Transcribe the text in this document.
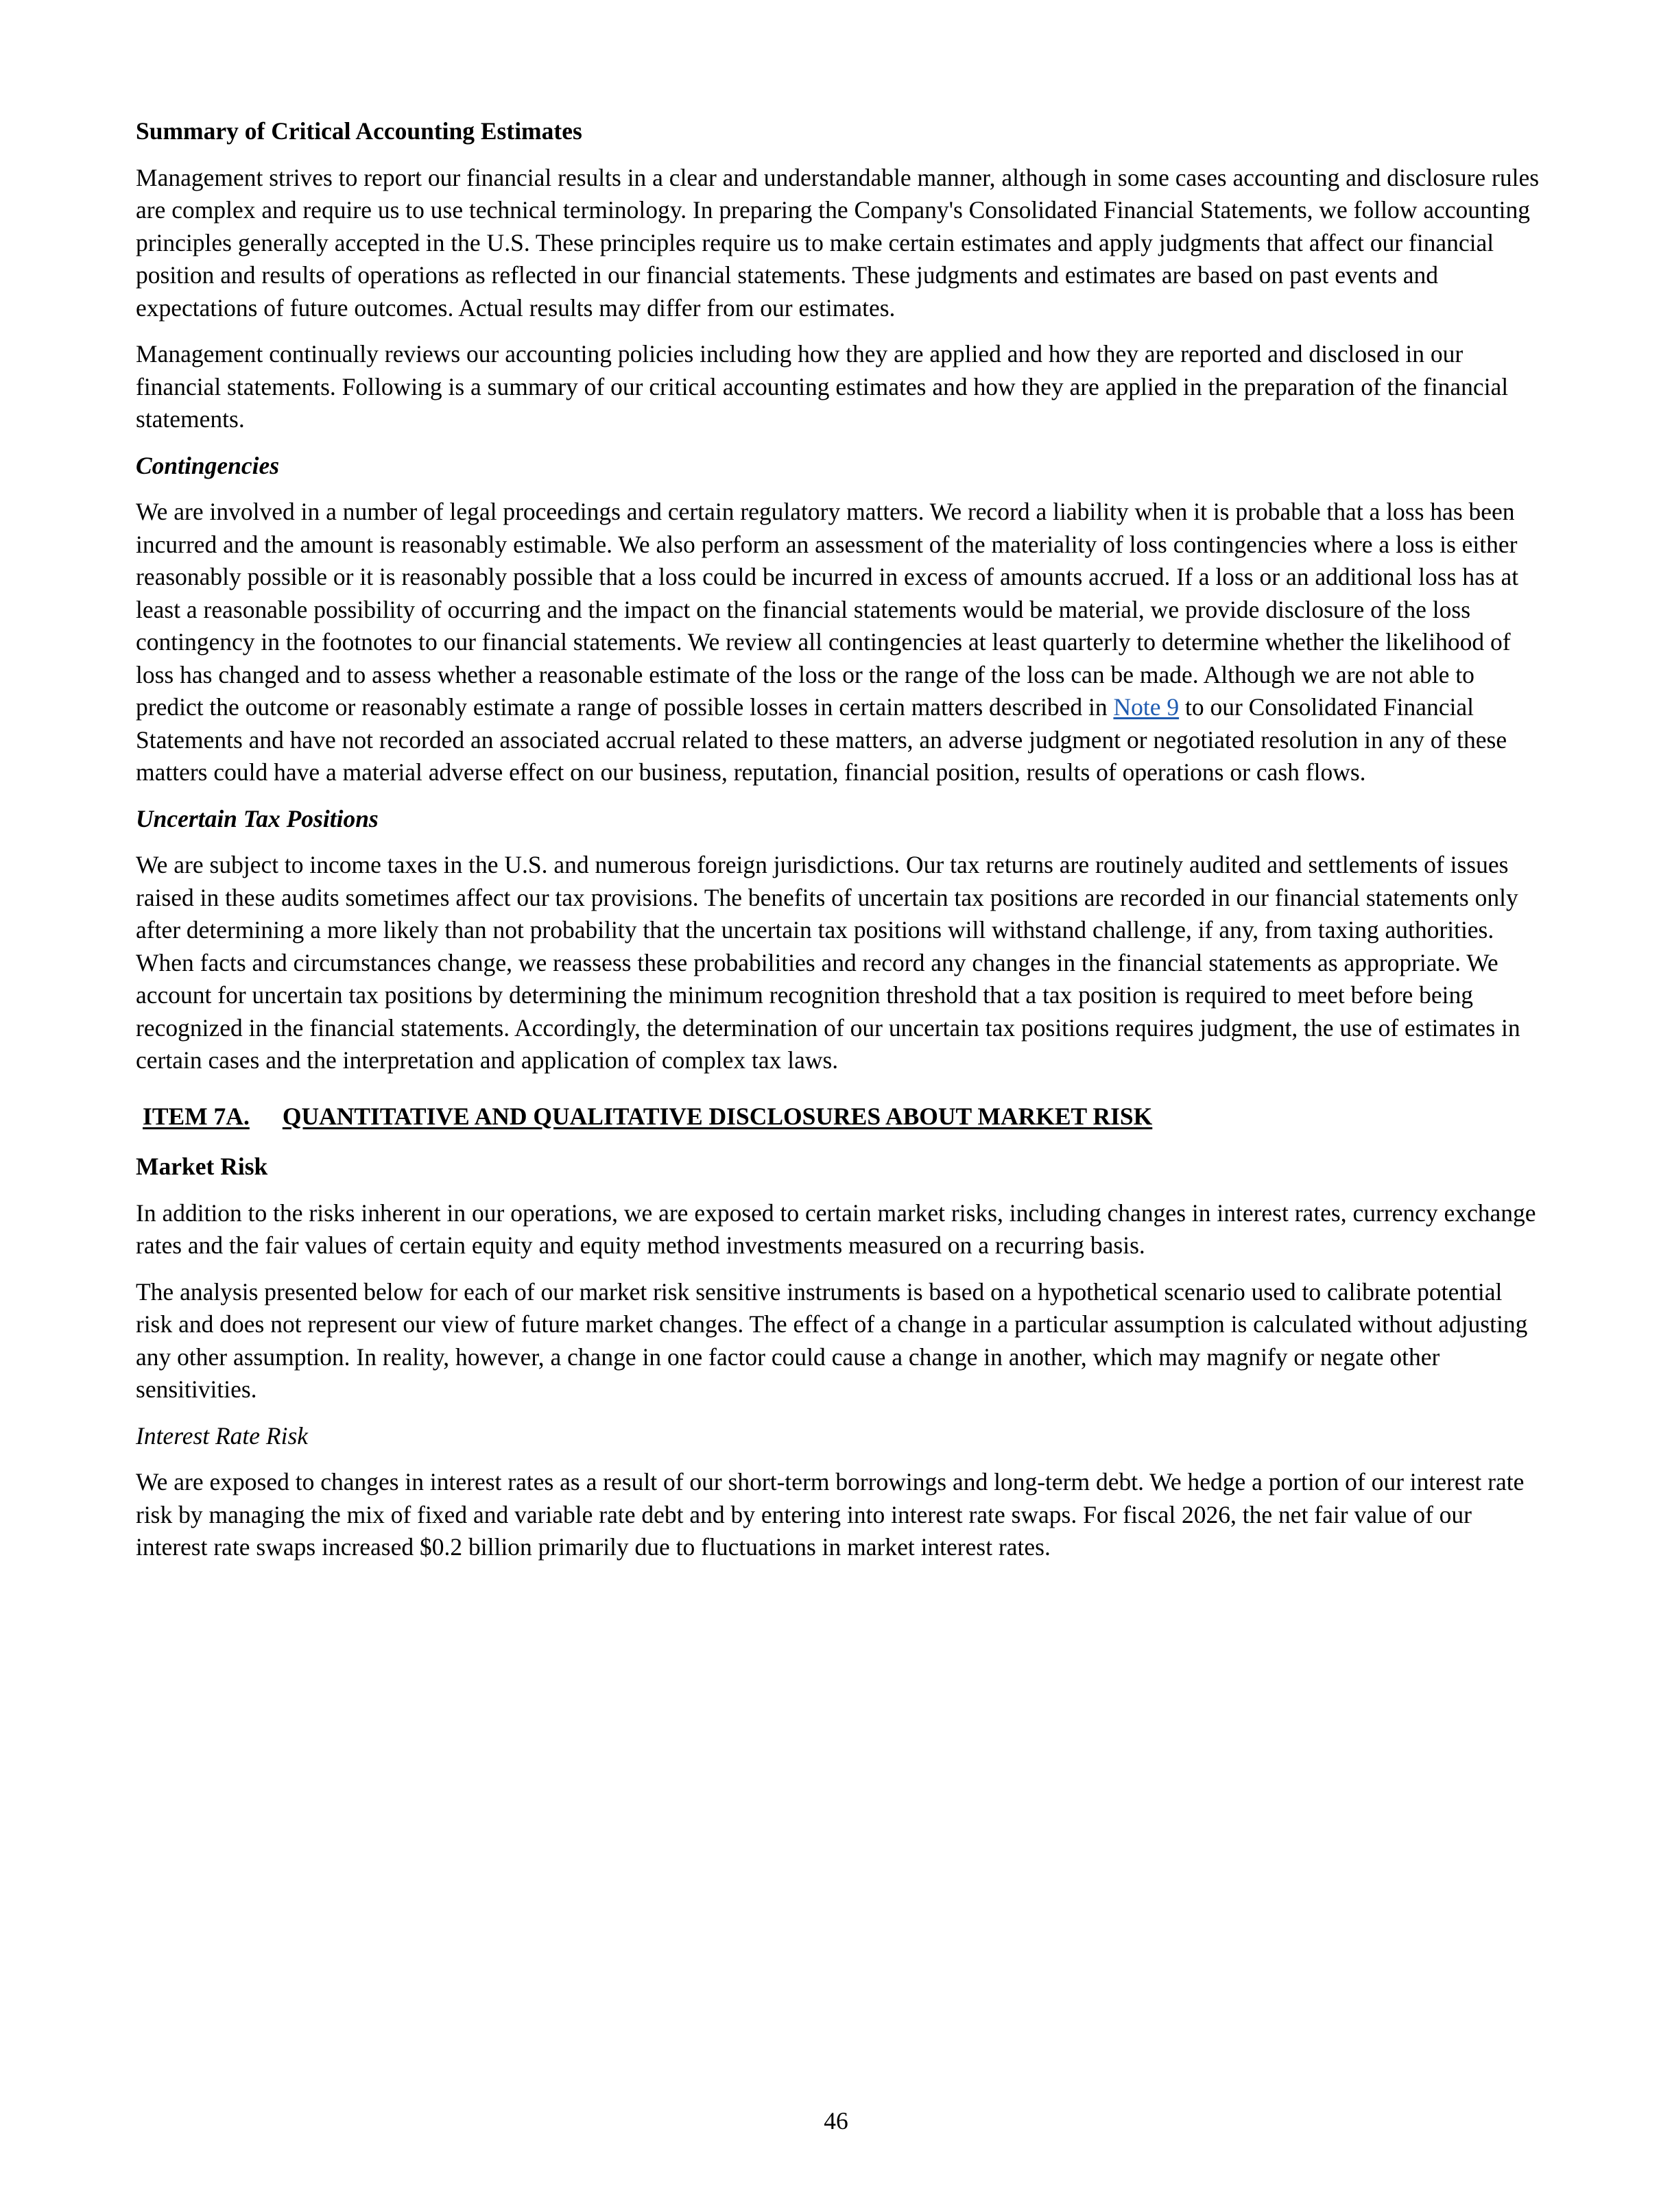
Summary of Critical Accounting Estimates

Management strives to report our financial results in a clear and understandable manner, although in some cases accounting and disclosure rules are complex and require us to use technical terminology. In preparing the Company's Consolidated Financial Statements, we follow accounting principles generally accepted in the U.S. These principles require us to make certain estimates and apply judgments that affect our financial position and results of operations as reflected in our financial statements. These judgments and estimates are based on past events and expectations of future outcomes. Actual results may differ from our estimates.

Management continually reviews our accounting policies including how they are applied and how they are reported and disclosed in our financial statements. Following is a summary of our critical accounting estimates and how they are applied in the preparation of the financial statements.

Contingencies

We are involved in a number of legal proceedings and certain regulatory matters. We record a liability when it is probable that a loss has been incurred and the amount is reasonably estimable. We also perform an assessment of the materiality of loss contingencies where a loss is either reasonably possible or it is reasonably possible that a loss could be incurred in excess of amounts accrued. If a loss or an additional loss has at least a reasonable possibility of occurring and the impact on the financial statements would be material, we provide disclosure of the loss contingency in the footnotes to our financial statements. We review all contingencies at least quarterly to determine whether the likelihood of loss has changed and to assess whether a reasonable estimate of the loss or the range of the loss can be made. Although we are not able to predict the outcome or reasonably estimate a range of possible losses in certain matters described in Note 9 to our Consolidated Financial Statements and have not recorded an associated accrual related to these matters, an adverse judgment or negotiated resolution in any of these matters could have a material adverse effect on our business, reputation, financial position, results of operations or cash flows.

Uncertain Tax Positions

We are subject to income taxes in the U.S. and numerous foreign jurisdictions. Our tax returns are routinely audited and settlements of issues raised in these audits sometimes affect our tax provisions. The benefits of uncertain tax positions are recorded in our financial statements only after determining a more likely than not probability that the uncertain tax positions will withstand challenge, if any, from taxing authorities. When facts and circumstances change, we reassess these probabilities and record any changes in the financial statements as appropriate. We account for uncertain tax positions by determining the minimum recognition threshold that a tax position is required to meet before being recognized in the financial statements. Accordingly, the determination of our uncertain tax positions requires judgment, the use of estimates in certain cases and the interpretation and application of complex tax laws.

ITEM 7A. QUANTITATIVE AND QUALITATIVE DISCLOSURES ABOUT MARKET RISK
Market Risk

In addition to the risks inherent in our operations, we are exposed to certain market risks, including changes in interest rates, currency exchange rates and the fair values of certain equity and equity method investments measured on a recurring basis.

The analysis presented below for each of our market risk sensitive instruments is based on a hypothetical scenario used to calibrate potential risk and does not represent our view of future market changes. The effect of a change in a particular assumption is calculated without adjusting any other assumption. In reality, however, a change in one factor could cause a change in another, which may magnify or negate other sensitivities.

Interest Rate Risk

We are exposed to changes in interest rates as a result of our short-term borrowings and long-term debt. We hedge a portion of our interest rate risk by managing the mix of fixed and variable rate debt and by entering into interest rate swaps. For fiscal 2026, the net fair value of our interest rate swaps increased $0.2 billion primarily due to fluctuations in market interest rates.

46
